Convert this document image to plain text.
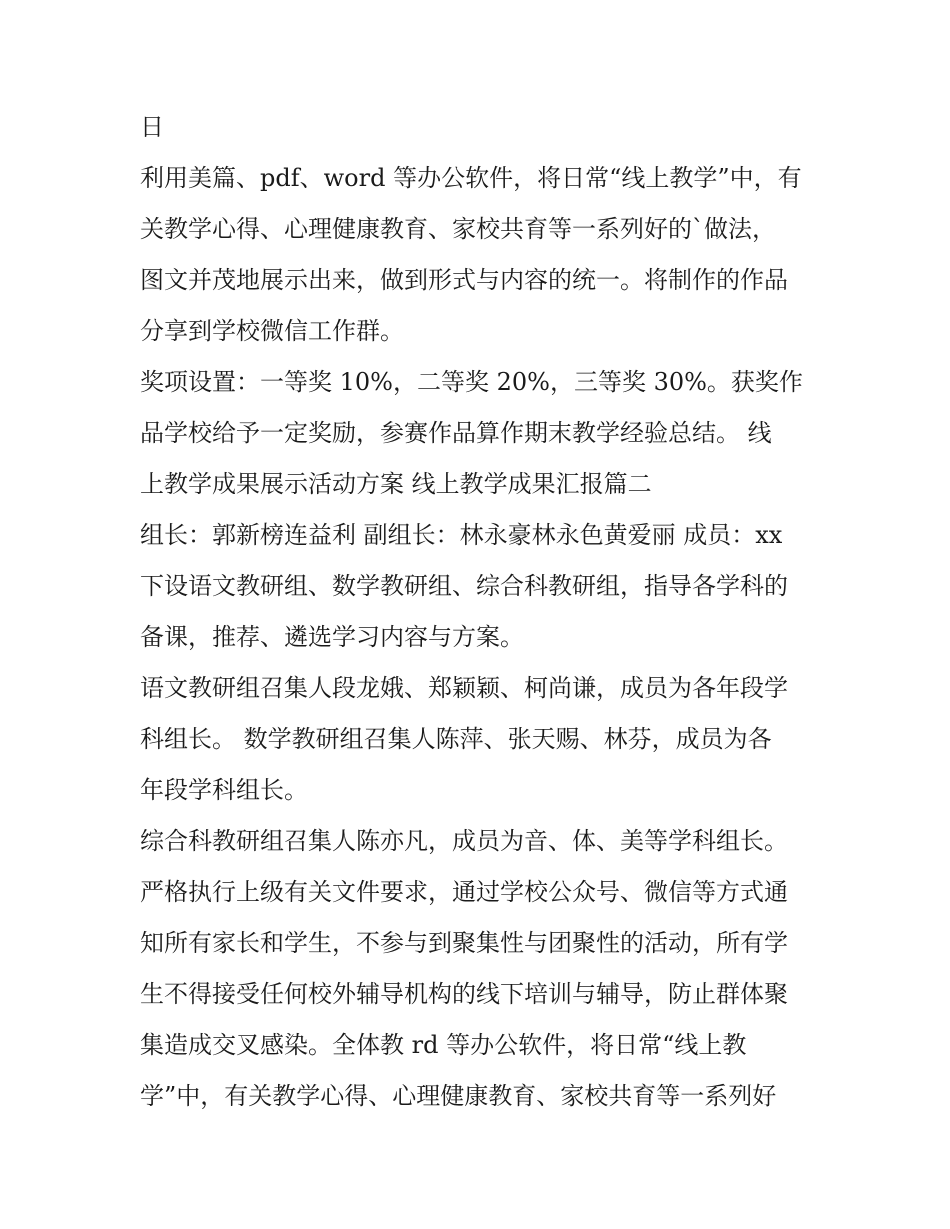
日
利用美篇、pdf、word 等办公软件，将日常“线上教学”中，有
关教学心得、心理健康教育、家校共育等一系列好的`做法，
图文并茂地展示出来，做到形式与内容的统一。将制作的作品
分享到学校微信工作群。
奖项设置：一等奖 10%，二等奖 20%，三等奖 30%。获奖作
品学校给予一定奖励，参赛作品算作期末教学经验总结。 线
上教学成果展示活动方案 线上教学成果汇报篇二
组长：郭新榜连益利 副组长：林永豪林永色黄爱丽 成员：xx
下设语文教研组、数学教研组、综合科教研组，指导各学科的
备课，推荐、遴选学习内容与方案。
语文教研组召集人段龙娥、郑颖颖、柯尚谦，成员为各年段学
科组长。 数学教研组召集人陈萍、张天赐、林芬，成员为各
年段学科组长。
综合科教研组召集人陈亦凡，成员为音、体、美等学科组长。
严格执行上级有关文件要求，通过学校公众号、微信等方式通
知所有家长和学生，不参与到聚集性与团聚性的活动，所有学
生不得接受任何校外辅导机构的线下培训与辅导，防止群体聚
集造成交叉感染。全体教 rd 等办公软件，将日常“线上教
学”中，有关教学心得、心理健康教育、家校共育等一系列好
